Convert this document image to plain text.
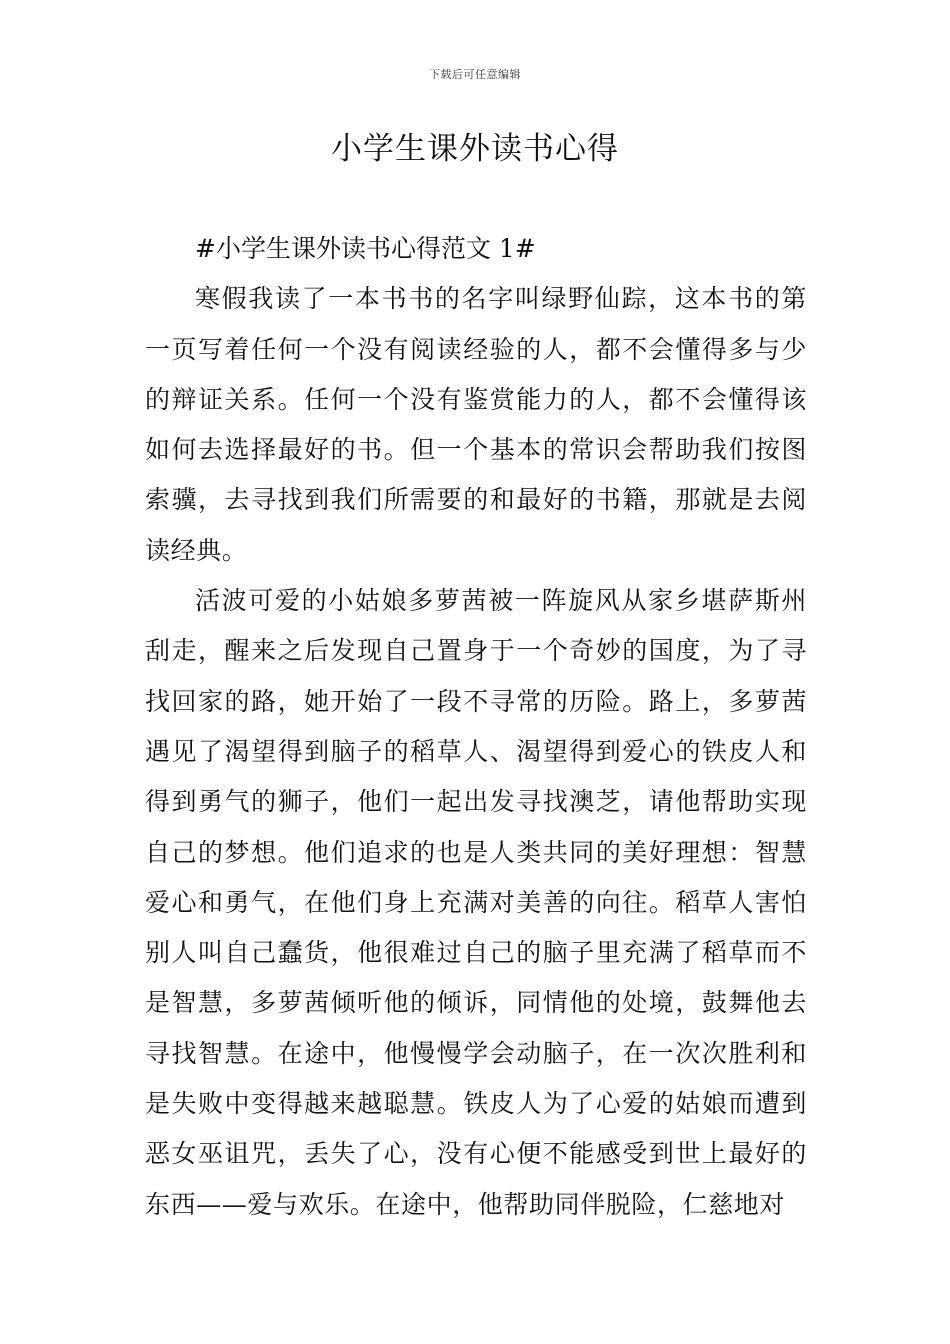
下载后可任意编辑
小学生课外读书心得

#小学生课外读书心得范文 1#

寒假我读了一本书书的名字叫绿野仙踪，这本书的第一页写着任何一个没有阅读经验的人，都不会懂得多与少的辩证关系。任何一个没有鉴赏能力的人，都不会懂得该如何去选择最好的书。但一个基本的常识会帮助我们按图索骥，去寻找到我们所需要的和最好的书籍，那就是去阅读经典。

活波可爱的小姑娘多萝茜被一阵旋风从家乡堪萨斯州刮走，醒来之后发现自己置身于一个奇妙的国度，为了寻找回家的路，她开始了一段不寻常的历险。路上，多萝茜遇见了渴望得到脑子的稻草人、渴望得到爱心的铁皮人和得到勇气的狮子，他们一起出发寻找澳芝，请他帮助实现自己的梦想。他们追求的也是人类共同的美好理想：智慧爱心和勇气，在他们身上充满对美善的向往。稻草人害怕别人叫自己蠢货，他很难过自己的脑子里充满了稻草而不是智慧，多萝茜倾听他的倾诉，同情他的处境，鼓舞他去寻找智慧。在途中，他慢慢学会动脑子，在一次次胜利和是失败中变得越来越聪慧。铁皮人为了心爱的姑娘而遭到恶女巫诅咒，丢失了心，没有心便不能感受到世上最好的东西——爱与欢乐。在途中，他帮助同伴脱险，仁慈地对
